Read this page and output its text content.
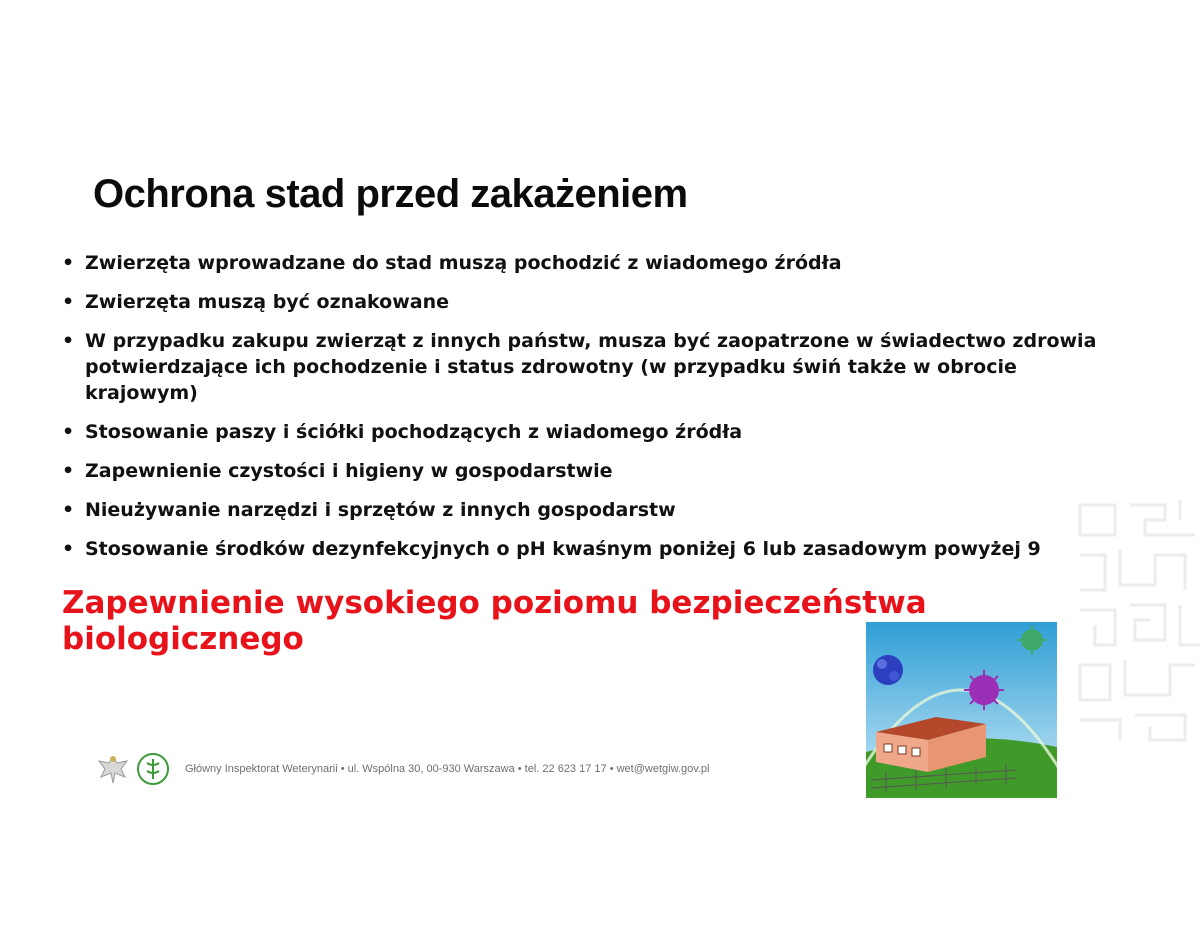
Ochrona stad przed zakażeniem
• Zwierzęta wprowadzane do stad muszą pochodzić z wiadomego źródła
• Zwierzęta muszą być oznakowane
• W przypadku zakupu zwierząt z innych państw, musza być zaopatrzone w świadectwo zdrowia potwierdzające ich pochodzenie i status zdrowotny (w przypadku świń także w obrocie krajowym)
• Stosowanie paszy i ściółki pochodzących z wiadomego źródła
• Zapewnienie czystości i higieny w gospodarstwie
• Nieużywanie narzędzi i sprzętów z innych gospodarstw
• Stosowanie środków dezynfekcyjnych o pH kwaśnym poniżej 6 lub zasadowym powyżej 9
Zapewnienie wysokiego poziomu bezpieczeństwa biologicznego
Główny Inspektorat Weterynarii • ul. Wspólna 30, 00-930 Warszawa • tel. 22 623 17 17 • wet@wetgiw.gov.pl
